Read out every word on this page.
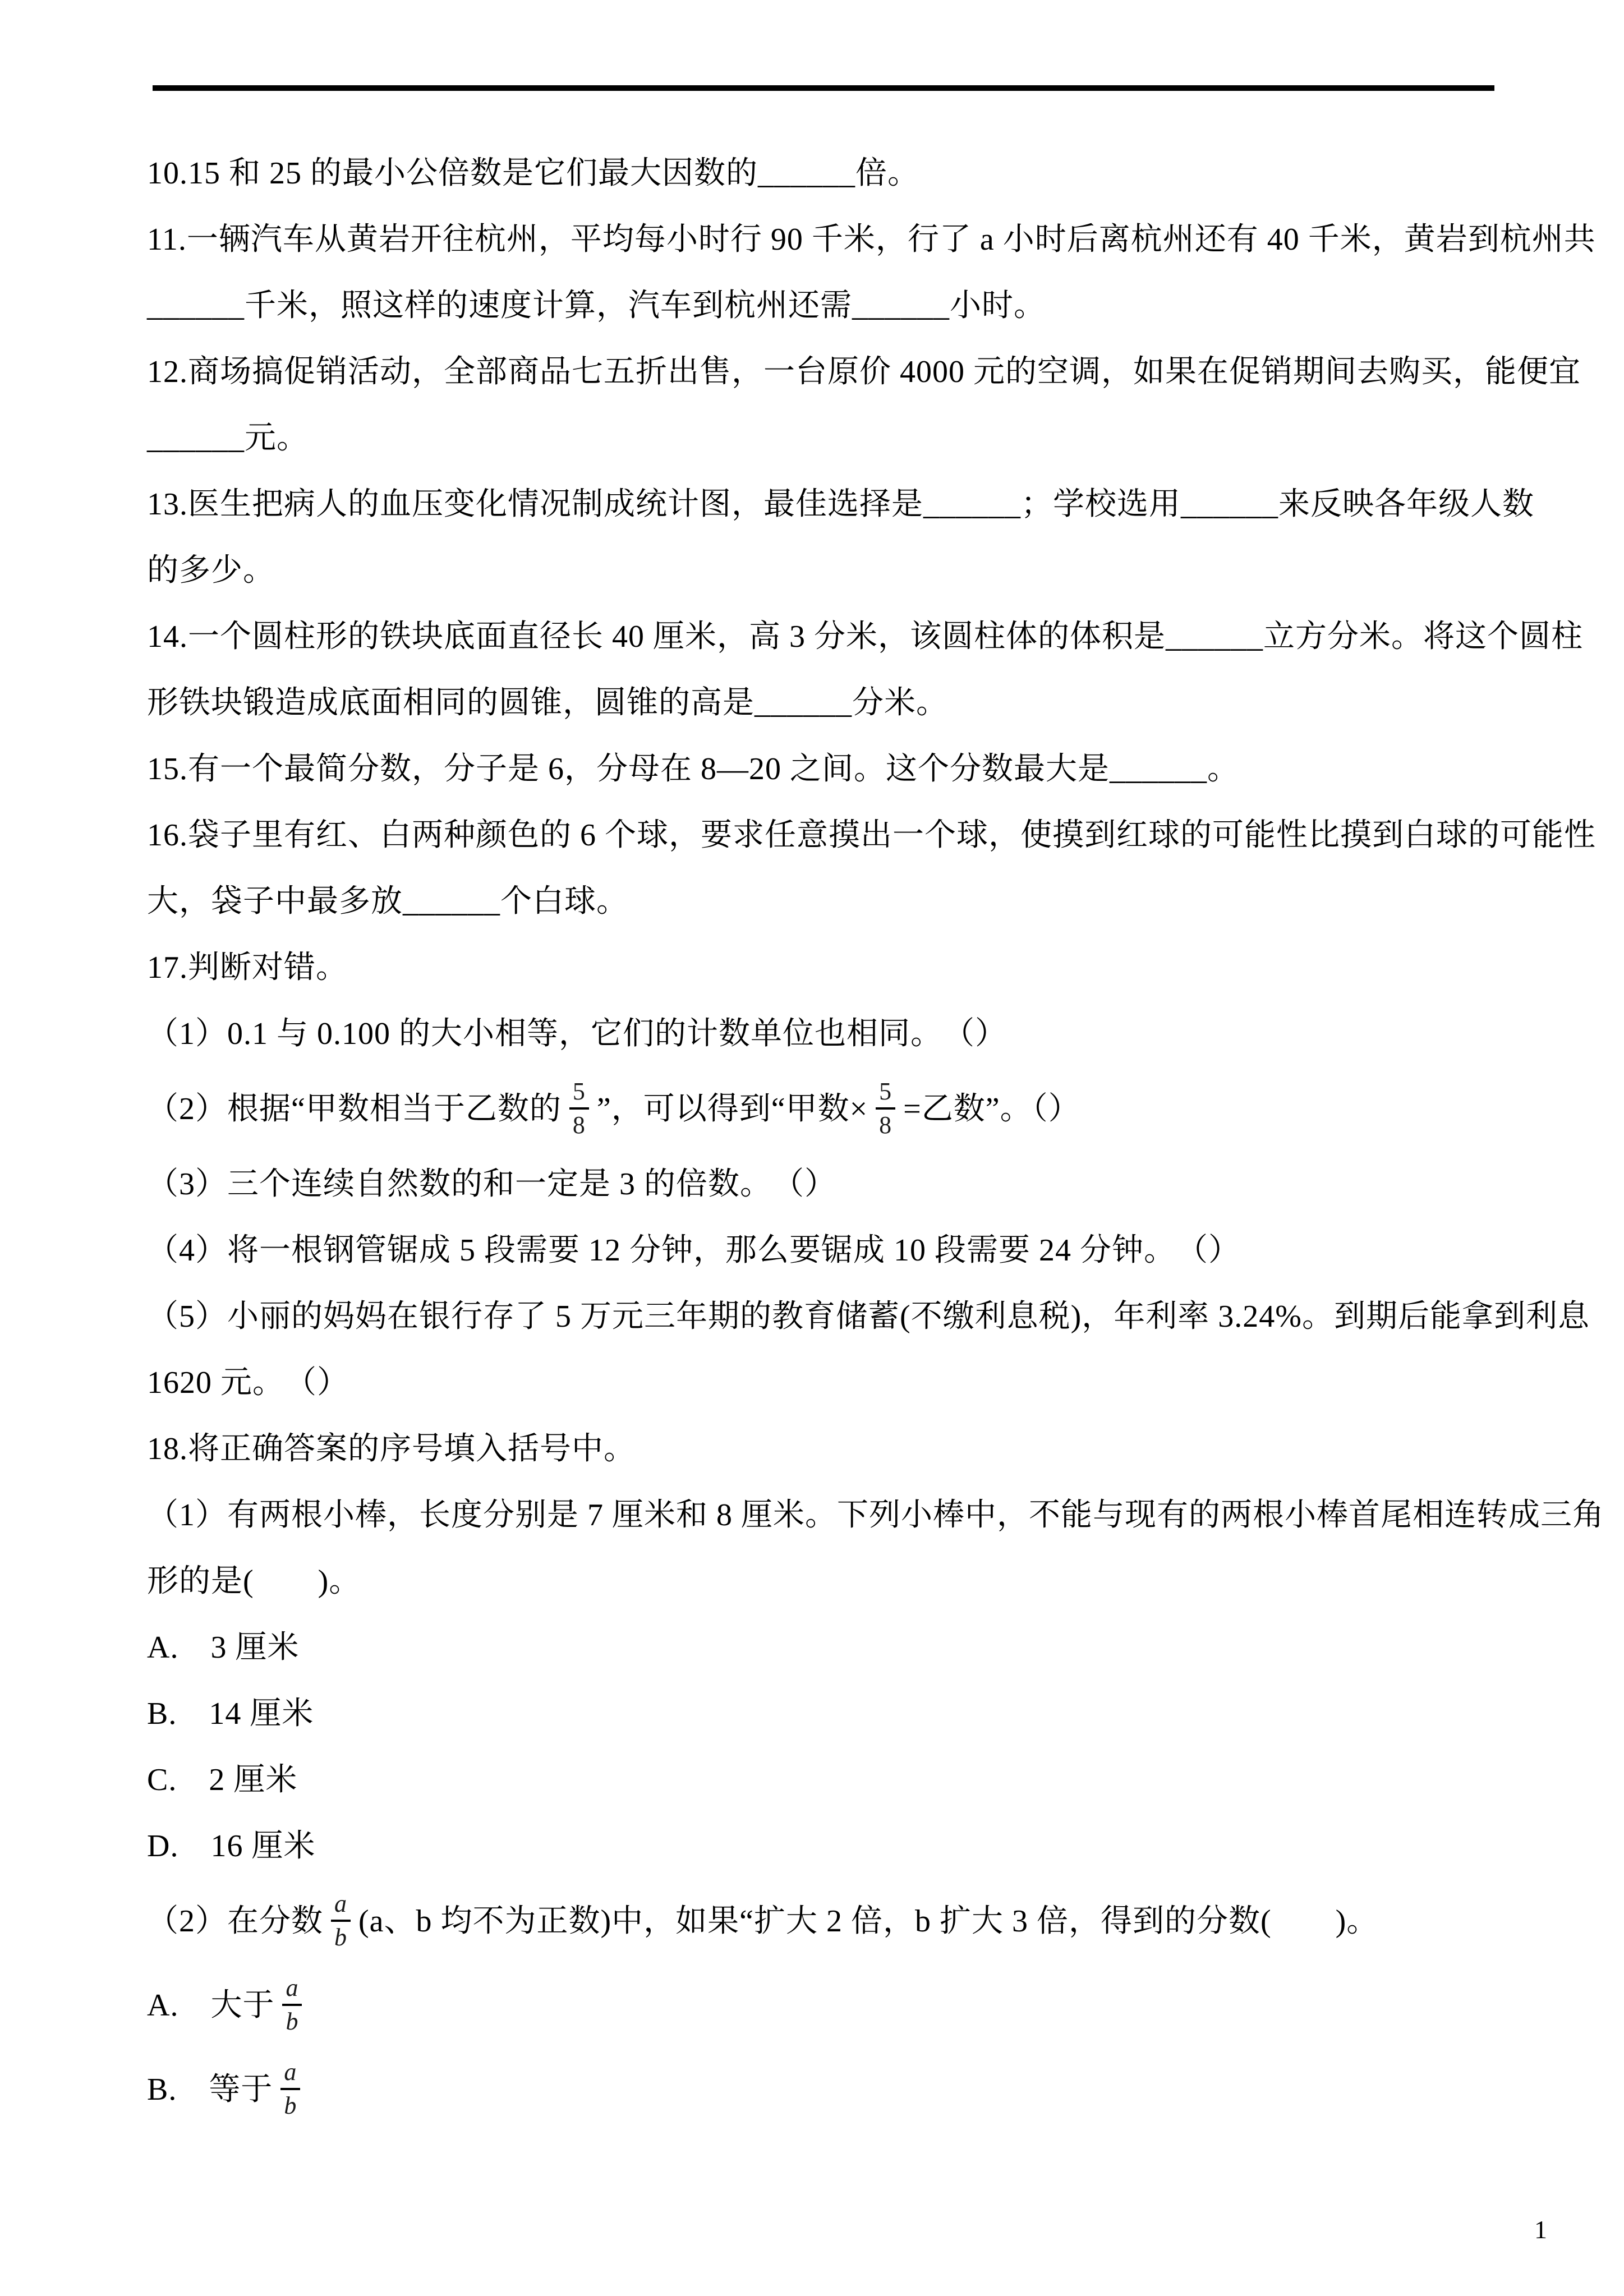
10.15 和 25 的最小公倍数是它们最大因数的______倍。

11.一辆汽车从黄岩开往杭州，平均每小时行 90 千米，行了 a 小时后离杭州还有 40 千米，黄岩到杭州共

______千米，照这样的速度计算，汽车到杭州还需______小时。

12.商场搞促销活动，全部商品七五折出售，一台原价 4000 元的空调，如果在促销期间去购买，能便宜

______元。

13.医生把病人的血压变化情况制成统计图，最佳选择是______；学校选用______来反映各年级人数

的多少。

14.一个圆柱形的铁块底面直径长 40 厘米，高 3 分米，该圆柱体的体积是______立方分米。将这个圆柱

形铁块锻造成底面相同的圆锥，圆锥的高是______分米。

15.有一个最简分数，分子是 6，分母在 8—20 之间。这个分数最大是______。

16.袋子里有红、白两种颜色的 6 个球，要求任意摸出一个球，使摸到红球的可能性比摸到白球的可能性

大，袋子中最多放______个白球。

17.判断对错。

（1）0.1 与 0.100 的大小相等，它们的计数单位也相同。　（）

（2）根据“甲数相当于乙数的 $\frac{5}{8}$ ”，可以得到“甲数× $\frac{5}{8}$ =乙数”。（）

（3）三个连续自然数的和一定是 3 的倍数。　（）

（4）将一根钢管锯成 5 段需要 12 分钟，那么要锯成 10 段需要 24 分钟。　（）

（5）小丽的妈妈在银行存了 5 万元三年期的教育储蓄(不缴利息税)，年利率 3.24%。到期后能拿到利息

1620 元。　（）

18.将正确答案的序号填入括号中。

（1）有两根小棒，长度分别是 7 厘米和 8 厘米。下列小棒中，不能与现有的两根小棒首尾相连转成三角

形的是(　　)。

A.　3 厘米

B.　14 厘米

C.　2 厘米

D.　16 厘米

（2）在分数 $\frac{a}{b} (a$、b 均不为正数)中，如果“扩大 2 倍，b 扩大 3 倍，得到的分数(　　)。

A.　大于 $\frac{a}{b}$

B.　等于 $\frac{a}{b}$

1
